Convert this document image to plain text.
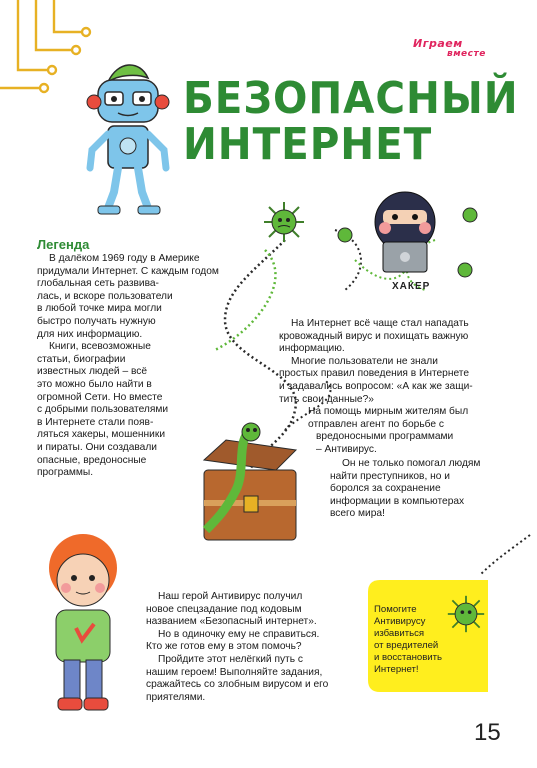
Играем
вместе
БЕЗОПАСНЫЙ
ИНТЕРНЕТ
Легенда

В далёком 1969 году в Америке

придумали Интернет. С каждым годом

глобальная сеть развива-

лась, и вскоре пользователи

в любой точке мира могли

быстро получать нужную

для них информацию.

Книги, всевозможные

статьи, биографии

известных людей – всё

это можно было найти в

огромной Сети. Но вместе

с добрыми пользователями

в Интернете стали появ-

ляться хакеры, мошенники

и пираты. Они создавали

опасные, вредоносные

программы.

ХАКЕР

На Интернет всё чаще стал нападать

кровожадный вирус и похищать важную

информацию.

Многие пользователи не знали

простых правил поведения в Интернете

и задавались вопросом: «А как же защи-

тить свои данные?»

На помощь мирным жителям был

отправлен агент по борьбе с

вредоносными программами

– Антивирус.

Он не только помогал людям

найти преступников, но и

боролся за сохранение

информации в компьютерах

всего мира!

Наш герой Антивирус получил

новое спецзадание под кодовым

названием «Безопасный интернет».

Но в одиночку ему не справиться.

Кто же готов ему в этом помочь?

Пройдите этот нелёгкий путь с

нашим героем! Выполняйте задания,

сражайтесь со злобным вирусом и его

приятелями.

Помогите
Антивирусу
избавиться
от вредителей
и восстановить
Интернет!
15
